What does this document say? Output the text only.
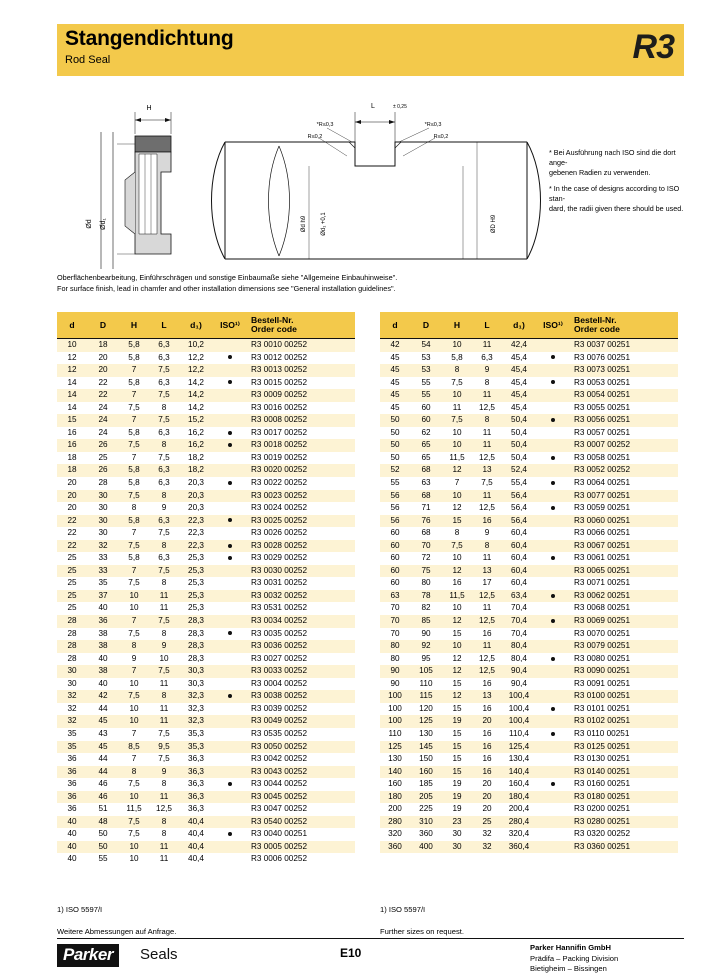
Stangendichtung
Rod Seal	R3
H	L	± 0,25
Ød Ød₁	Ød h9 Ød₁ +0,1	ØD H9
*R≤0,3
R≤0,2
*R≤0,3
R≤0,2
* Bei Ausführung nach ISO sind die dort ange-
gebenen Radien zu verwenden.
* In the case of designs according to ISO stan-
dard, the radii given there should be used.
Oberflächenbearbeitung, Einführschrägen und sonstige Einbaumaße siehe "Allgemeine Einbauhinweise".
For surface finish, lead in chamfer and other installation dimensions see "General installation guidelines".
d	D	H	L	d₁)	ISO¹⁾	Bestell-Nr.
Order code
10	18	5,8	6,3	10,2		R3 0010 00252
12	20	5,8	6,3	12,2		R3 0012 00252
12	20	7	7,5	12,2		R3 0013 00252
14	22	5,8	6,3	14,2		R3 0015 00252
14	22	7	7,5	14,2		R3 0009 00252
14	24	7,5	8	14,2		R3 0016 00252
15	24	7	7,5	15,2		R3 0008 00252
16	24	5,8	6,3	16,2		R3 0017 00252
16	26	7,5	8	16,2		R3 0018 00252
18	25	7	7,5	18,2		R3 0019 00252
18	26	5,8	6,3	18,2		R3 0020 00252
20	28	5,8	6,3	20,3		R3 0022 00252
20	30	7,5	8	20,3		R3 0023 00252
20	30	8	9	20,3		R3 0024 00252
22	30	5,8	6,3	22,3		R3 0025 00252
22	30	7	7,5	22,3		R3 0026 00252
22	32	7,5	8	22,3		R3 0028 00252
25	33	5,8	6,3	25,3		R3 0029 00252
25	33	7	7,5	25,3		R3 0030 00252
25	35	7,5	8	25,3		R3 0031 00252
25	37	10	11	25,3		R3 0032 00252
25	40	10	11	25,3		R3 0531 00252
28	36	7	7,5	28,3		R3 0034 00252
28	38	7,5	8	28,3		R3 0035 00252
28	38	8	9	28,3		R3 0036 00252
28	40	9	10	28,3		R3 0027 00252
30	38	7	7,5	30,3		R3 0033 00252
30	40	10	11	30,3		R3 0004 00252
32	42	7,5	8	32,3		R3 0038 00252
32	44	10	11	32,3		R3 0039 00252
32	45	10	11	32,3		R3 0049 00252
35	43	7	7,5	35,3		R3 0535 00252
35	45	8,5	9,5	35,3		R3 0050 00252
36	44	7	7,5	36,3		R3 0042 00252
36	44	8	9	36,3		R3 0043 00252
36	46	7,5	8	36,3		R3 0044 00252
36	46	10	11	36,3		R3 0045 00252
36	51	11,5	12,5	36,3		R3 0047 00252
40	48	7,5	8	40,4		R3 0540 00252
40	50	7,5	8	40,4		R3 0040 00251
40	50	10	11	40,4		R3 0005 00252
40	55	10	11	40,4		R3 0006 00252
d	D	H	L	d₁)	ISO¹⁾	Bestell-Nr.
Order code
42	54	10	11	42,4		R3 0037 00251
45	53	5,8	6,3	45,4		R3 0076 00251
45	53	8	9	45,4		R3 0073 00251
45	55	7,5	8	45,4		R3 0053 00251
45	55	10	11	45,4		R3 0054 00251
45	60	11	12,5	45,4		R3 0055 00251
50	60	7,5	8	50,4		R3 0056 00251
50	62	10	11	50,4		R3 0057 00251
50	65	10	11	50,4		R3 0007 00252
50	65	11,5	12,5	50,4		R3 0058 00251
52	68	12	13	52,4		R3 0052 00252
55	63	7	7,5	55,4		R3 0064 00251
56	68	10	11	56,4		R3 0077 00251
56	71	12	12,5	56,4		R3 0059 00251
56	76	15	16	56,4		R3 0060 00251
60	68	8	9	60,4		R3 0066 00251
60	70	7,5	8	60,4		R3 0067 00251
60	72	10	11	60,4		R3 0061 00251
60	75	12	13	60,4		R3 0065 00251
60	80	16	17	60,4		R3 0071 00251
63	78	11,5	12,5	63,4		R3 0062 00251
70	82	10	11	70,4		R3 0068 00251
70	85	12	12,5	70,4		R3 0069 00251
70	90	15	16	70,4		R3 0070 00251
80	92	10	11	80,4		R3 0079 00251
80	95	12	12,5	80,4		R3 0080 00251
90	105	12	12,5	90,4		R3 0090 00251
90	110	15	16	90,4		R3 0091 00251
100	115	12	13	100,4		R3 0100 00251
100	120	15	16	100,4		R3 0101 00251
100	125	19	20	100,4		R3 0102 00251
110	130	15	16	110,4		R3 0110 00251
125	145	15	16	125,4		R3 0125 00251
130	150	15	16	130,4		R3 0130 00251
140	160	15	16	140,4		R3 0140 00251
160	185	19	20	160,4		R3 0160 00251
180	205	19	20	180,4		R3 0180 00251
200	225	19	20	200,4		R3 0200 00251
280	310	23	25	280,4		R3 0280 00251
320	360	30	32	320,4		R3 0320 00252
360	400	30	32	360,4		R3 0360 00251
1) ISO 5597/I	1) ISO 5597/I
Weitere Abmessungen auf Anfrage.	Further sizes on request.
Parker	Seals	E10	Parker Hannifin GmbH
Prädifa – Packing Division
Bietigheim – Bissingen
